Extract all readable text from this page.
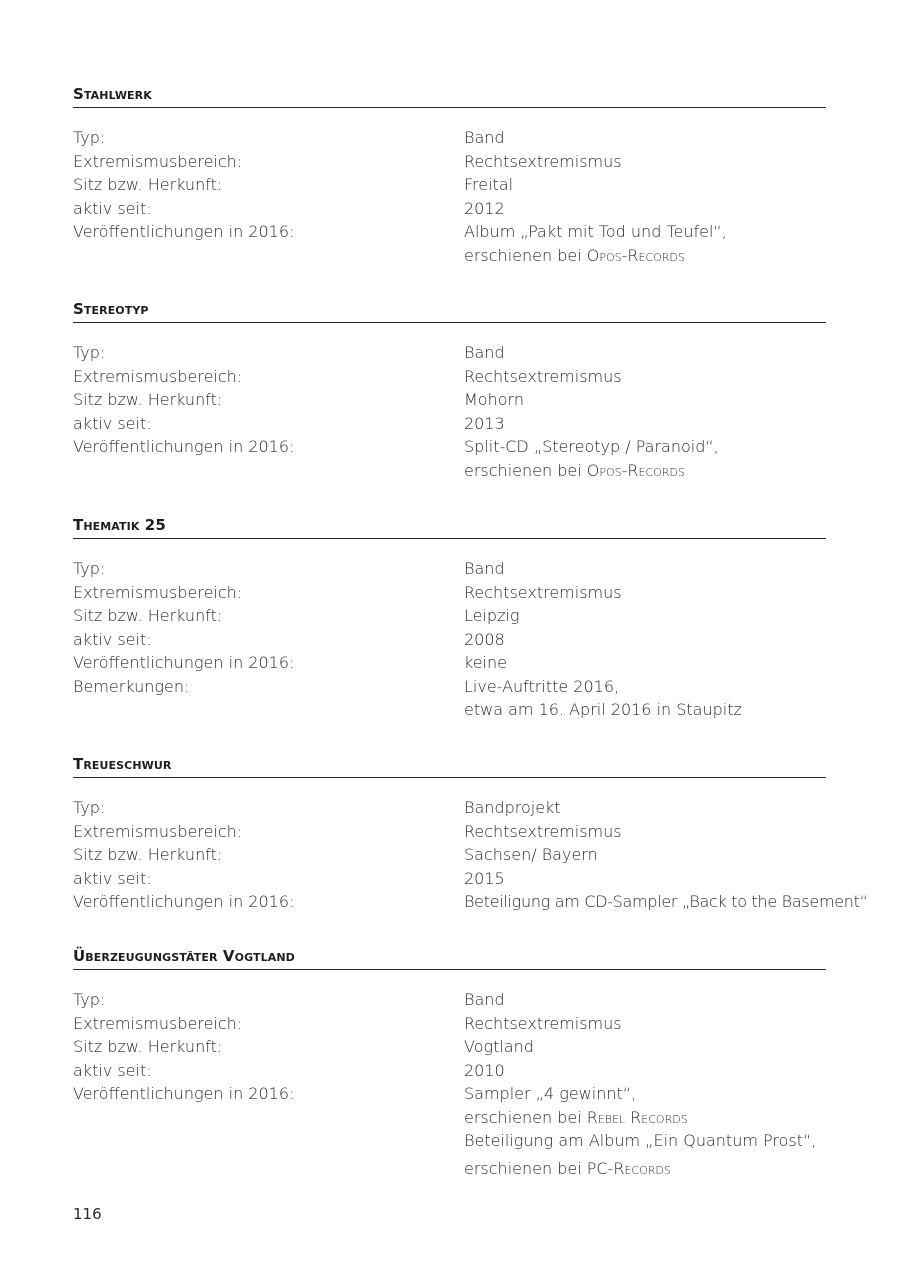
Stahlwerk
Typ:	Band
Extremismusbereich:	Rechtsextremismus
Sitz bzw. Herkunft:	Freital
aktiv seit:	2012
Veröffentlichungen in 2016:	Album „Pakt mit Tod und Teufel“,
erschienen bei Opos-Records
Stereotyp
Typ:	Band
Extremismusbereich:	Rechtsextremismus
Sitz bzw. Herkunft:	Mohorn
aktiv seit:	2013
Veröffentlichungen in 2016:	Split-CD „Stereotyp / Paranoid“,
erschienen bei Opos-Records
Thematik 25
Typ:	Band
Extremismusbereich:	Rechtsextremismus
Sitz bzw. Herkunft:	Leipzig
aktiv seit:	2008
Veröffentlichungen in 2016:	keine
Bemerkungen:	Live-Auftritte 2016,
etwa am 16. April 2016 in Staupitz
Treueschwur
Typ:	Bandprojekt
Extremismusbereich:	Rechtsextremismus
Sitz bzw. Herkunft:	Sachsen/ Bayern
aktiv seit:	2015
Veröffentlichungen in 2016:	Beteiligung am CD-Sampler „Back to the Basement“
Überzeugungstäter Vogtland
Typ:	Band
Extremismusbereich:	Rechtsextremismus
Sitz bzw. Herkunft:	Vogtland
aktiv seit:	2010
Veröffentlichungen in 2016:	Sampler „4 gewinnt“,
erschienen bei Rebel Records
Beteiligung am Album „Ein Quantum Prost“,
erschienen bei PC-Records
116
